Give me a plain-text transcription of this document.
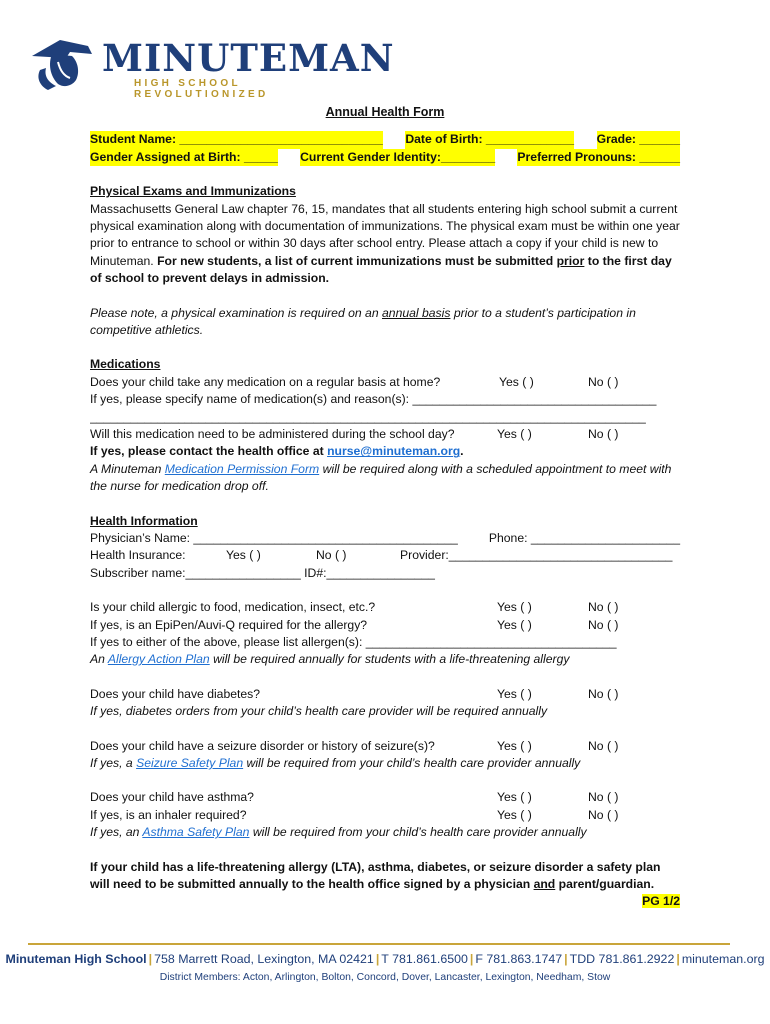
MINUTEMAN
HIGH SCHOOL REVOLUTIONIZED
Annual Health Form
Student Name: ______________________________ Date of Birth: _____________ Grade: ______
Gender Assigned at Birth: _____ Current Gender Identity:________ Preferred Pronouns: ______
Physical Exams and Immunizations
Massachusetts General Law chapter 76, 15, mandates that all students entering high school submit a current physical examination along with documentation of immunizations. The physical exam must be within one year prior to entrance to school or within 30 days after school entry. Please attach a copy if your child is new to Minuteman. For new students, a list of current immunizations must be submitted prior to the first day of school to prevent delays in admission.
Please note, a physical examination is required on an annual basis prior to a student’s participation in competitive athletics.
Medications
Does your child take any medication on a regular basis at home?	Yes ( )	No ( )
If yes, please specify name of medication(s) and reason(s): ____________________________________
__________________________________________________________________________________
Will this medication need to be administered during the school day?	Yes ( )	No ( )
If yes, please contact the health office at nurse@minuteman.org.
A Minuteman Medication Permission Form will be required along with a scheduled appointment to meet with the nurse for medication drop off.
Health Information
Physician’s Name: _______________________________________	Phone: ______________________
Health Insurance:	Yes ( )	No ( )	Provider:_________________________________
Subscriber name:_________________ ID#:________________
Is your child allergic to food, medication, insect, etc.?	Yes ( )	No ( )
If yes, is an EpiPen/Auvi-Q required for the allergy?	Yes ( )	No ( )
If yes to either of the above, please list allergen(s): _____________________________________
An Allergy Action Plan will be required annually for students with a life-threatening allergy
Does your child have diabetes?	Yes ( )	No ( )
If yes, diabetes orders from your child’s health care provider will be required annually
Does your child have a seizure disorder or history of seizure(s)?	Yes ( )	No ( )
If yes, a Seizure Safety Plan will be required from your child’s health care provider annually
Does your child have asthma?	Yes ( )	No ( )
If yes, is an inhaler required?	Yes ( )	No ( )
If yes, an Asthma Safety Plan will be required from your child’s health care provider annually
If your child has a life-threatening allergy (LTA), asthma, diabetes, or seizure disorder a safety plan will need to be submitted annually to the health office signed by a physician and parent/guardian.
PG 1/2
Minuteman High School | 758 Marrett Road, Lexington, MA 02421 | T 781.861.6500 | F 781.863.1747 | TDD 781.861.2922 | minuteman.org
District Members: Acton, Arlington, Bolton, Concord, Dover, Lancaster, Lexington, Needham, Stow
